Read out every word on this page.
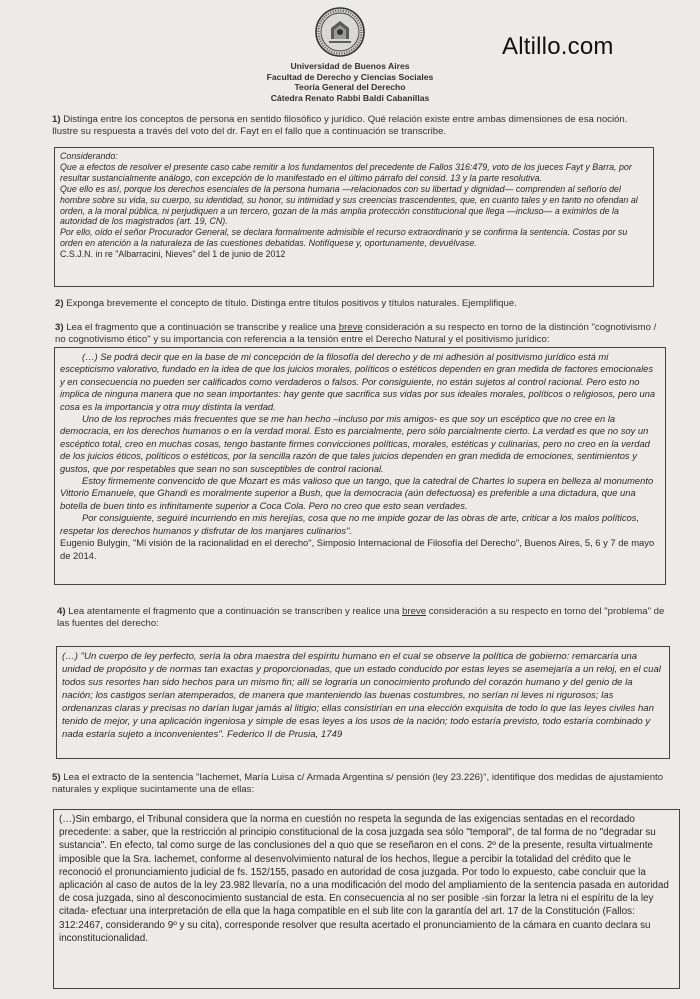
Altillo.com
Universidad de Buenos Aires
Facultad de Derecho y Ciencias Sociales
Teoría General del Derecho
Cátedra Renato Rabbi Baldi Cabanillas
1) Distinga entre los conceptos de persona en sentido filosófico y jurídico. Qué relación existe entre ambas dimensiones de esa noción. Ilustre su respuesta a través del voto del dr. Fayt en el fallo que a continuación se transcribe.

Considerando:

Que a efectos de resolver el presente caso cabe remitir a los fundamentos del precedente de Fallos 316:479, voto de los jueces Fayt y Barra, por resultar sustancialmente análogo, con excepción de lo manifestado en el último párrafo del consid. 13 y la parte resolutiva.

Que ello es así, porque los derechos esenciales de la persona humana —relacionados con su libertad y dignidad— comprenden al señorío del hombre sobre su vida, su cuerpo, su identidad, su honor, su intimidad y sus creencias trascendentes, que, en cuanto tales y en tanto no ofendan al orden, a la moral pública, ni perjudiquen a un tercero, gozan de la más amplia protección constitucional que llega —incluso— a eximirlos de la autoridad de los magistrados (art. 19, CN).

Por ello, oído el señor Procurador General, se declara formalmente admisible el recurso extraordinario y se confirma la sentencia. Costas por su orden en atención a la naturaleza de las cuestiones debatidas. Notifíquese y, oportunamente, devuélvase.

C.S.J.N. in re "Albarracini, Nieves" del 1 de junio de 2012

2) Exponga brevemente el concepto de título. Distinga entre títulos positivos y títulos naturales. Ejemplifique.
3) Lea el fragmento que a continuación se transcribe y realice una breve consideración a su respecto en torno de la distinción "cognotivismo / no cognotivismo ético" y su importancia con referencia a la tensión entre el Derecho Natural y el positivismo jurídico:

(…) Se podrá decir que en la base de mi concepción de la filosofía del derecho y de mi adhesión al positivismo jurídico está mi escepticismo valorativo, fundado en la idea de que los juicios morales, políticos o estéticos dependen en gran medida de factores emocionales y en consecuencia no pueden ser calificados como verdaderos o falsos. Por consiguiente, no están sujetos al control racional. Pero esto no implica de ninguna manera que no sean importantes: hay gente que sacrifica sus vidas por sus ideales morales, políticos o religiosos, pero una cosa es la importancia y otra muy distinta la verdad.

Uno de los reproches más frecuentes que se me han hecho –incluso por mis amigos- es que soy un escéptico que no cree en la democracia, en los derechos humanos o en la verdad moral. Esto es parcialmente, pero sólo parcialmente cierto. La verdad es que no soy un escéptico total, creo en muchas cosas, tengo bastante firmes convicciones políticas, morales, estéticas y culinarias, pero no creo en la verdad de los juicios éticos, políticos o estéticos, por la sencilla razón de que tales juicios dependen en gran medida de emociones, sentimientos y gustos, que por respetables que sean no son susceptibles de control racional.

Estoy firmemente convencido de que Mozart es más valioso que un tango, que la catedral de Chartes lo supera en belleza al monumento Vittorio Emanuele, que Ghandi es moralmente superior a Bush, que la democracia (aún defectuosa) es preferible a una dictadura, que una botella de buen tinto es infinitamente superior a Coca Cola. Pero no creo que esto sean verdades.

Por consiguiente, seguiré incurriendo en mis herejías, cosa que no me impide gozar de las obras de arte, criticar a los malos políticos, respetar los derechos humanos y disfrutar de los manjares culinarios".

Eugenio Bulygin, "Mi visión de la racionalidad en el derecho", Simposio Internacional de Filosofía del Derecho", Buenos Aires, 5, 6 y 7 de mayo de 2014.

4) Lea atentamente el fragmento que a continuación se transcriben y realice una breve consideración a su respecto en torno del "problema" de las fuentes del derecho:

(…) "Un cuerpo de ley perfecto, sería la obra maestra del espíritu humano en el cual se observe la política de gobierno: remarcaría una unidad de propósito y de normas tan exactas y proporcionadas, que un estado conducido por estas leyes se asemejaría a un reloj, en el cual todos sus resortes han sido hechos para un mismo fin; allí se lograría un conocimiento profundo del corazón humano y del genio de la nación; los castigos serían atemperados, de manera que manteniendo las buenas costumbres, no serían ni leves ni rigurosos; las ordenanzas claras y precisas no darían lugar jamás al litigio; ellas consistirían en una elección exquisita de todo lo que las leyes civiles han tenido de mejor, y una aplicación ingeniosa y simple de esas leyes a los usos de la nación; todo estaría previsto, todo estaría combinado y nada estaría sujeto a inconvenientes". Federico II de Prusia, 1749

5) Lea el extracto de la sentencia "Iachemet, María Luisa c/ Armada Argentina s/ pensión (ley 23.226)", identifique dos medidas de ajustamiento naturales y explique sucintamente una de ellas:

(…)Sin embargo, el Tribunal considera que la norma en cuestión no respeta la segunda de las exigencias sentadas en el recordado precedente: a saber, que la restricción al principio constitucional de la cosa juzgada sea sólo "temporal", de tal forma de no "degradar su sustancia". En efecto, tal como surge de las conclusiones del a quo que se reseñaron en el cons. 2º de la presente, resulta virtualmente imposible que la Sra. Iachemet, conforme al desenvolvimiento natural de los hechos, llegue a percibir la totalidad del crédito que le reconoció el pronunciamiento judicial de fs. 152/155, pasado en autoridad de cosa juzgada. Por todo lo expuesto, cabe concluir que la aplicación al caso de autos de la ley 23.982 llevaría, no a una modificación del modo del ampliamiento de la sentencia pasada en autoridad de cosa juzgada, sino al desconocimiento sustancial de esta. En consecuencia al no ser posible -sin forzar la letra ni el espíritu de la ley citada- efectuar una interpretación de ella que la haga compatible en el sub lite con la garantía del art. 17 de la Constitución (Fallos: 312:2467, considerando 9º y su cita), corresponde resolver que resulta acertado el pronunciamiento de la cámara en cuanto declara su inconstitucionalidad.
